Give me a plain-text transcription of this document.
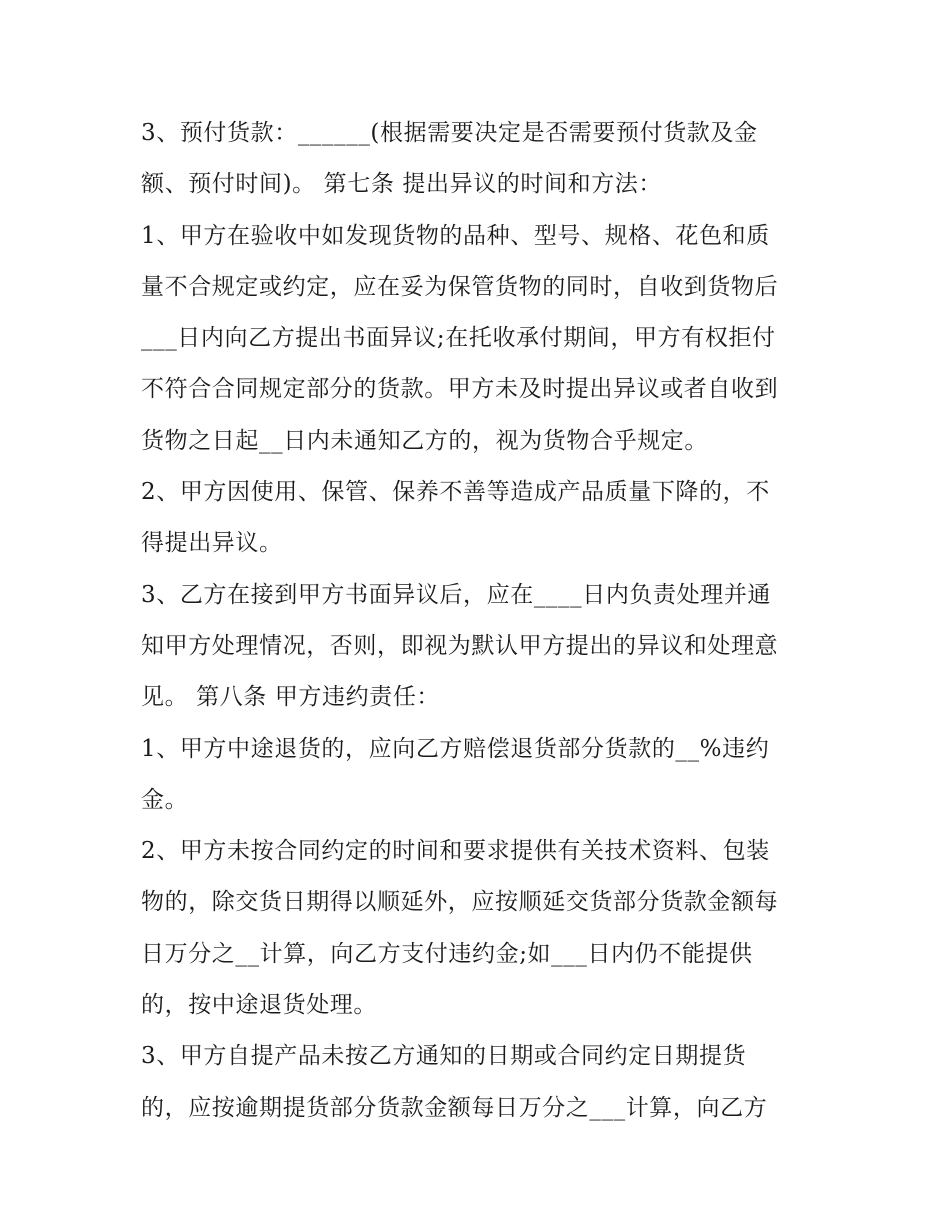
3、预付货款：______(根据需要决定是否需要预付货款及金
额、预付时间)。 第七条 提出异议的时间和方法：
1、甲方在验收中如发现货物的品种、型号、规格、花色和质
量不合规定或约定，应在妥为保管货物的同时，自收到货物后
___日内向乙方提出书面异议;在托收承付期间，甲方有权拒付
不符合合同规定部分的货款。甲方未及时提出异议或者自收到
货物之日起__日内未通知乙方的，视为货物合乎规定。
2、甲方因使用、保管、保养不善等造成产品质量下降的，不
得提出异议。
3、乙方在接到甲方书面异议后，应在____日内负责处理并通
知甲方处理情况，否则，即视为默认甲方提出的异议和处理意
见。 第八条 甲方违约责任：
1、甲方中途退货的，应向乙方赔偿退货部分货款的__%违约
金。
2、甲方未按合同约定的时间和要求提供有关技术资料、包装
物的，除交货日期得以顺延外，应按顺延交货部分货款金额每
日万分之__计算，向乙方支付违约金;如___日内仍不能提供
的，按中途退货处理。
3、甲方自提产品未按乙方通知的日期或合同约定日期提货
的，应按逾期提货部分货款金额每日万分之___计算，向乙方
